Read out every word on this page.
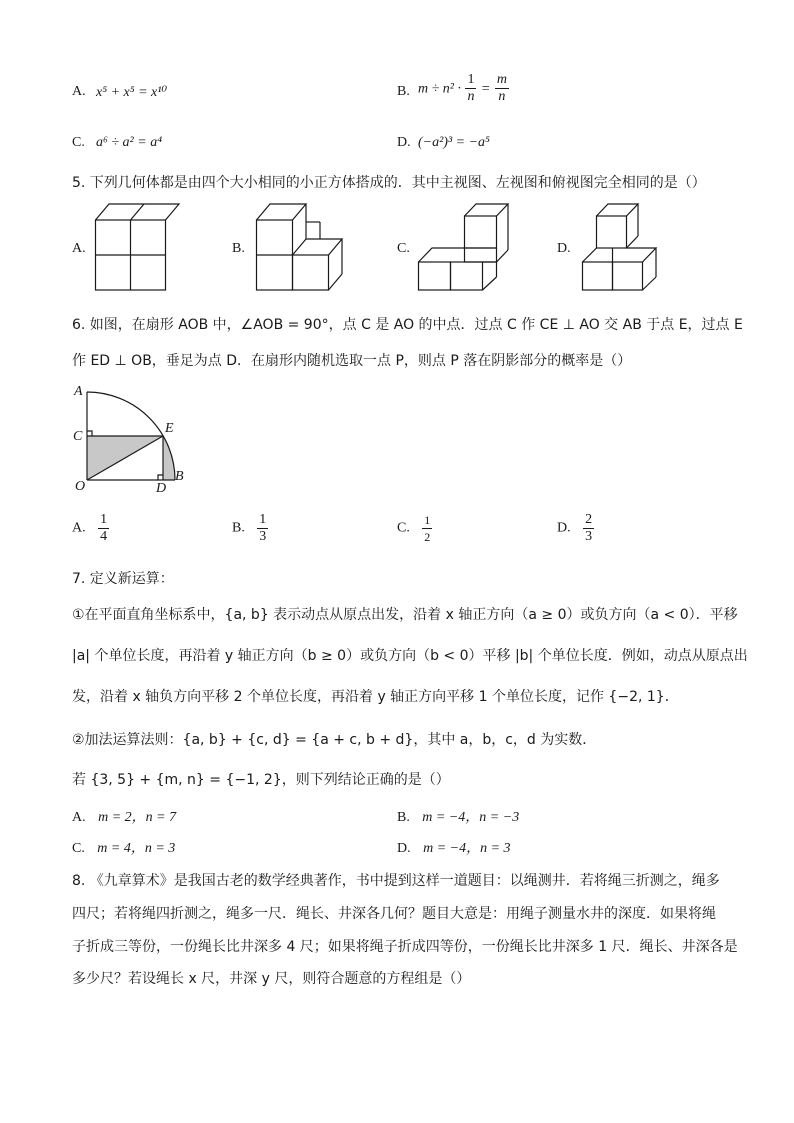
A. x⁵ + x⁵ = x¹⁰	B. $m \div n^2 \cdot \frac{1}{n} = \frac{m}{n}$
C. a⁶ ÷ a² = a⁴	D. (−a²)³ = −a⁵
5. 下列几何体都是由四个大小相同的小正方体搭成的．其中主视图、左视图和俯视图完全相同的是（）
A.	B.	C.	D.
6. 如图，在扇形 AOB 中，∠AOB = 90°，点 C 是 AO 的中点．过点 C 作 CE ⊥ AO 交 AB 于点 E，过点 E
作 ED ⊥ OB，垂足为点 D．在扇形内随机选取一点 P，则点 P 落在阴影部分的概率是（）
A
C
E
O	D
B
A. $\frac{1}{4}$	B. $\frac{1}{3}$	C. $\frac{1}{2}$	D. $\frac{2}{3}$
7. 定义新运算：
①在平面直角坐标系中，{a, b} 表示动点从原点出发，沿着 x 轴正方向（a ≥ 0）或负方向（a < 0）．平移
|a| 个单位长度，再沿着 y 轴正方向（b ≥ 0）或负方向（b < 0）平移 |b| 个单位长度．例如，动点从原点出
发，沿着 x 轴负方向平移 2 个单位长度，再沿着 y 轴正方向平移 1 个单位长度，记作 {−2, 1}．
②加法运算法则：{a, b} + {c, d} = {a + c, b + d}，其中 a，b，c，d 为实数．
若 {3, 5} + {m, n} = {−1, 2}，则下列结论正确的是（）
A. m = 2，n = 7	B. m = −4，n = −3
C. m = 4，n = 3	D. m = −4，n = 3
8. 《九章算术》是我国古老的数学经典著作，书中提到这样一道题目：以绳测井．若将绳三折测之，绳多
四尺；若将绳四折测之，绳多一尺．绳长、井深各几何？题目大意是：用绳子测量水井的深度．如果将绳
子折成三等份，一份绳长比井深多 4 尺；如果将绳子折成四等份，一份绳长比井深多 1 尺．绳长、井深各是
多少尺？若设绳长 x 尺，井深 y 尺，则符合题意的方程组是（）
